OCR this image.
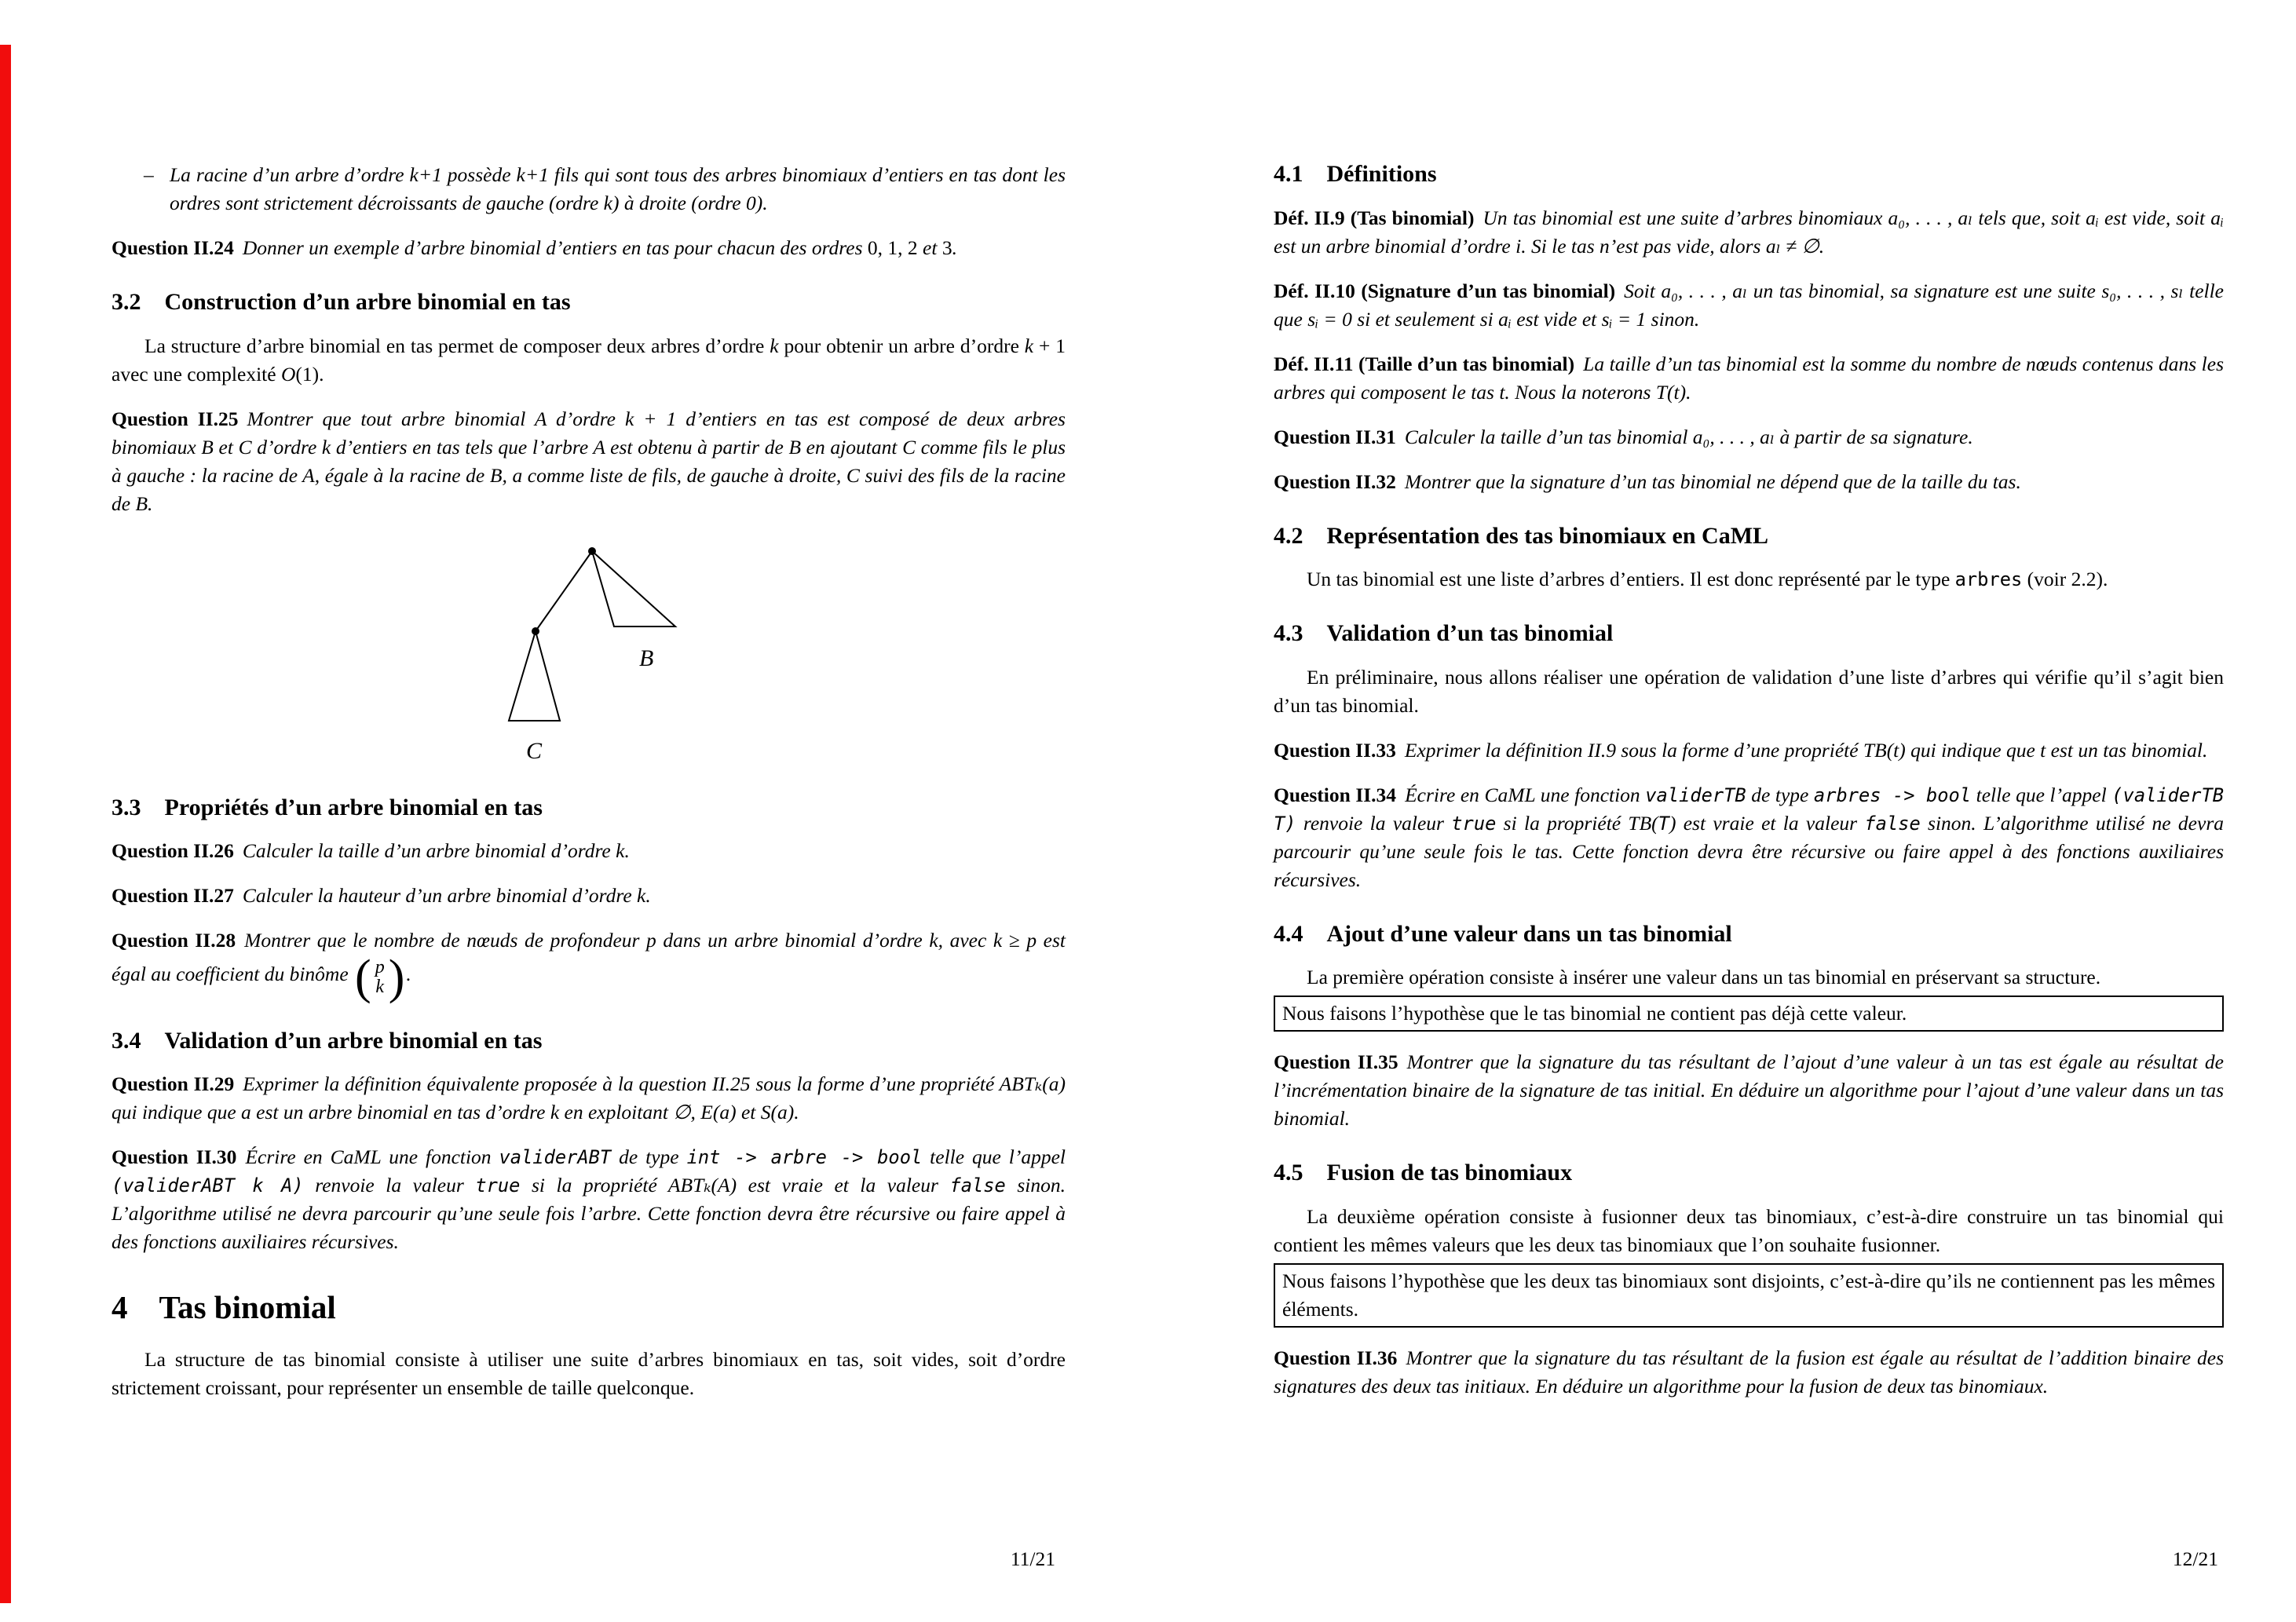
– La racine d’un arbre d’ordre k+1 possède k+1 fils qui sont tous des arbres binomiaux d’entiers en tas dont les ordres sont strictement décroissants de gauche (ordre k) à droite (ordre 0).

Question II.24 Donner un exemple d’arbre binomial d’entiers en tas pour chacun des ordres 0, 1, 2 et 3.

3.2 Construction d’un arbre binomial en tas

La structure d’arbre binomial en tas permet de composer deux arbres d’ordre k pour obtenir un arbre d’ordre k + 1 avec une complexité O(1).

Question II.25 Montrer que tout arbre binomial A d’ordre k + 1 d’entiers en tas est composé de deux arbres binomiaux B et C d’ordre k d’entiers en tas tels que l’arbre A est obtenu à partir de B en ajoutant C comme fils le plus à gauche : la racine de A, égale à la racine de B, a comme liste de fils, de gauche à droite, C suivi des fils de la racine de B.

B
C
3.3 Propriétés d’un arbre binomial en tas

Question II.26 Calculer la taille d’un arbre binomial d’ordre k.

Question II.27 Calculer la hauteur d’un arbre binomial d’ordre k.

Question II.28 Montrer que le nombre de nœuds de profondeur p dans un arbre binomial d’ordre k, avec k ≥ p est égal au coefficient du binôme ( p
k ) .

3.4 Validation d’un arbre binomial en tas

Question II.29 Exprimer la définition équivalente proposée à la question II.25 sous la forme d’une propriété ABTₖ(a) qui indique que a est un arbre binomial en tas d’ordre k en exploitant ∅, E(a) et S(a).

Question II.30 Écrire en CaML une fonction validerABT de type int -> arbre -> bool telle que l’appel (validerABT k A) renvoie la valeur true si la propriété ABTₖ(A) est vraie et la valeur false sinon. L’algorithme utilisé ne devra parcourir qu’une seule fois l’arbre. Cette fonction devra être récursive ou faire appel à des fonctions auxiliaires récursives.

4 Tas binomial

La structure de tas binomial consiste à utiliser une suite d’arbres binomiaux en tas, soit vides, soit d’ordre strictement croissant, pour représenter un ensemble de taille quelconque.

11/21
4.1 Définitions

Déf. II.9 (Tas binomial) Un tas binomial est une suite d’arbres binomiaux a₀, . . . , aₗ tels que, soit aᵢ est vide, soit aᵢ est un arbre binomial d’ordre i. Si le tas n’est pas vide, alors aₗ ≠ ∅.

Déf. II.10 (Signature d’un tas binomial) Soit a₀, . . . , aₗ un tas binomial, sa signature est une suite s₀, . . . , sₗ telle que sᵢ = 0 si et seulement si aᵢ est vide et sᵢ = 1 sinon.

Déf. II.11 (Taille d’un tas binomial) La taille d’un tas binomial est la somme du nombre de nœuds contenus dans les arbres qui composent le tas t. Nous la noterons T(t).

Question II.31 Calculer la taille d’un tas binomial a₀, . . . , aₗ à partir de sa signature.

Question II.32 Montrer que la signature d’un tas binomial ne dépend que de la taille du tas.

4.2 Représentation des tas binomiaux en CaML

Un tas binomial est une liste d’arbres d’entiers. Il est donc représenté par le type arbres (voir 2.2).

4.3 Validation d’un tas binomial

En préliminaire, nous allons réaliser une opération de validation d’une liste d’arbres qui vérifie qu’il s’agit bien d’un tas binomial.

Question II.33 Exprimer la définition II.9 sous la forme d’une propriété TB(t) qui indique que t est un tas binomial.

Question II.34 Écrire en CaML une fonction validerTB de type arbres -> bool telle que l’appel (validerTB T) renvoie la valeur true si la propriété TB(T) est vraie et la valeur false sinon. L’algorithme utilisé ne devra parcourir qu’une seule fois le tas. Cette fonction devra être récursive ou faire appel à des fonctions auxiliaires récursives.

4.4 Ajout d’une valeur dans un tas binomial

La première opération consiste à insérer une valeur dans un tas binomial en préservant sa structure.

Nous faisons l’hypothèse que le tas binomial ne contient pas déjà cette valeur.

Question II.35 Montrer que la signature du tas résultant de l’ajout d’une valeur à un tas est égale au résultat de l’incrémentation binaire de la signature de tas initial. En déduire un algorithme pour l’ajout d’une valeur dans un tas binomial.

4.5 Fusion de tas binomiaux

La deuxième opération consiste à fusionner deux tas binomiaux, c’est-à-dire construire un tas binomial qui contient les mêmes valeurs que les deux tas binomiaux que l’on souhaite fusionner.

Nous faisons l’hypothèse que les deux tas binomiaux sont disjoints, c’est-à-dire qu’ils ne contiennent pas les mêmes éléments.

Question II.36 Montrer que la signature du tas résultant de la fusion est égale au résultat de l’addition binaire des signatures des deux tas initiaux. En déduire un algorithme pour la fusion de deux tas binomiaux.

12/21
